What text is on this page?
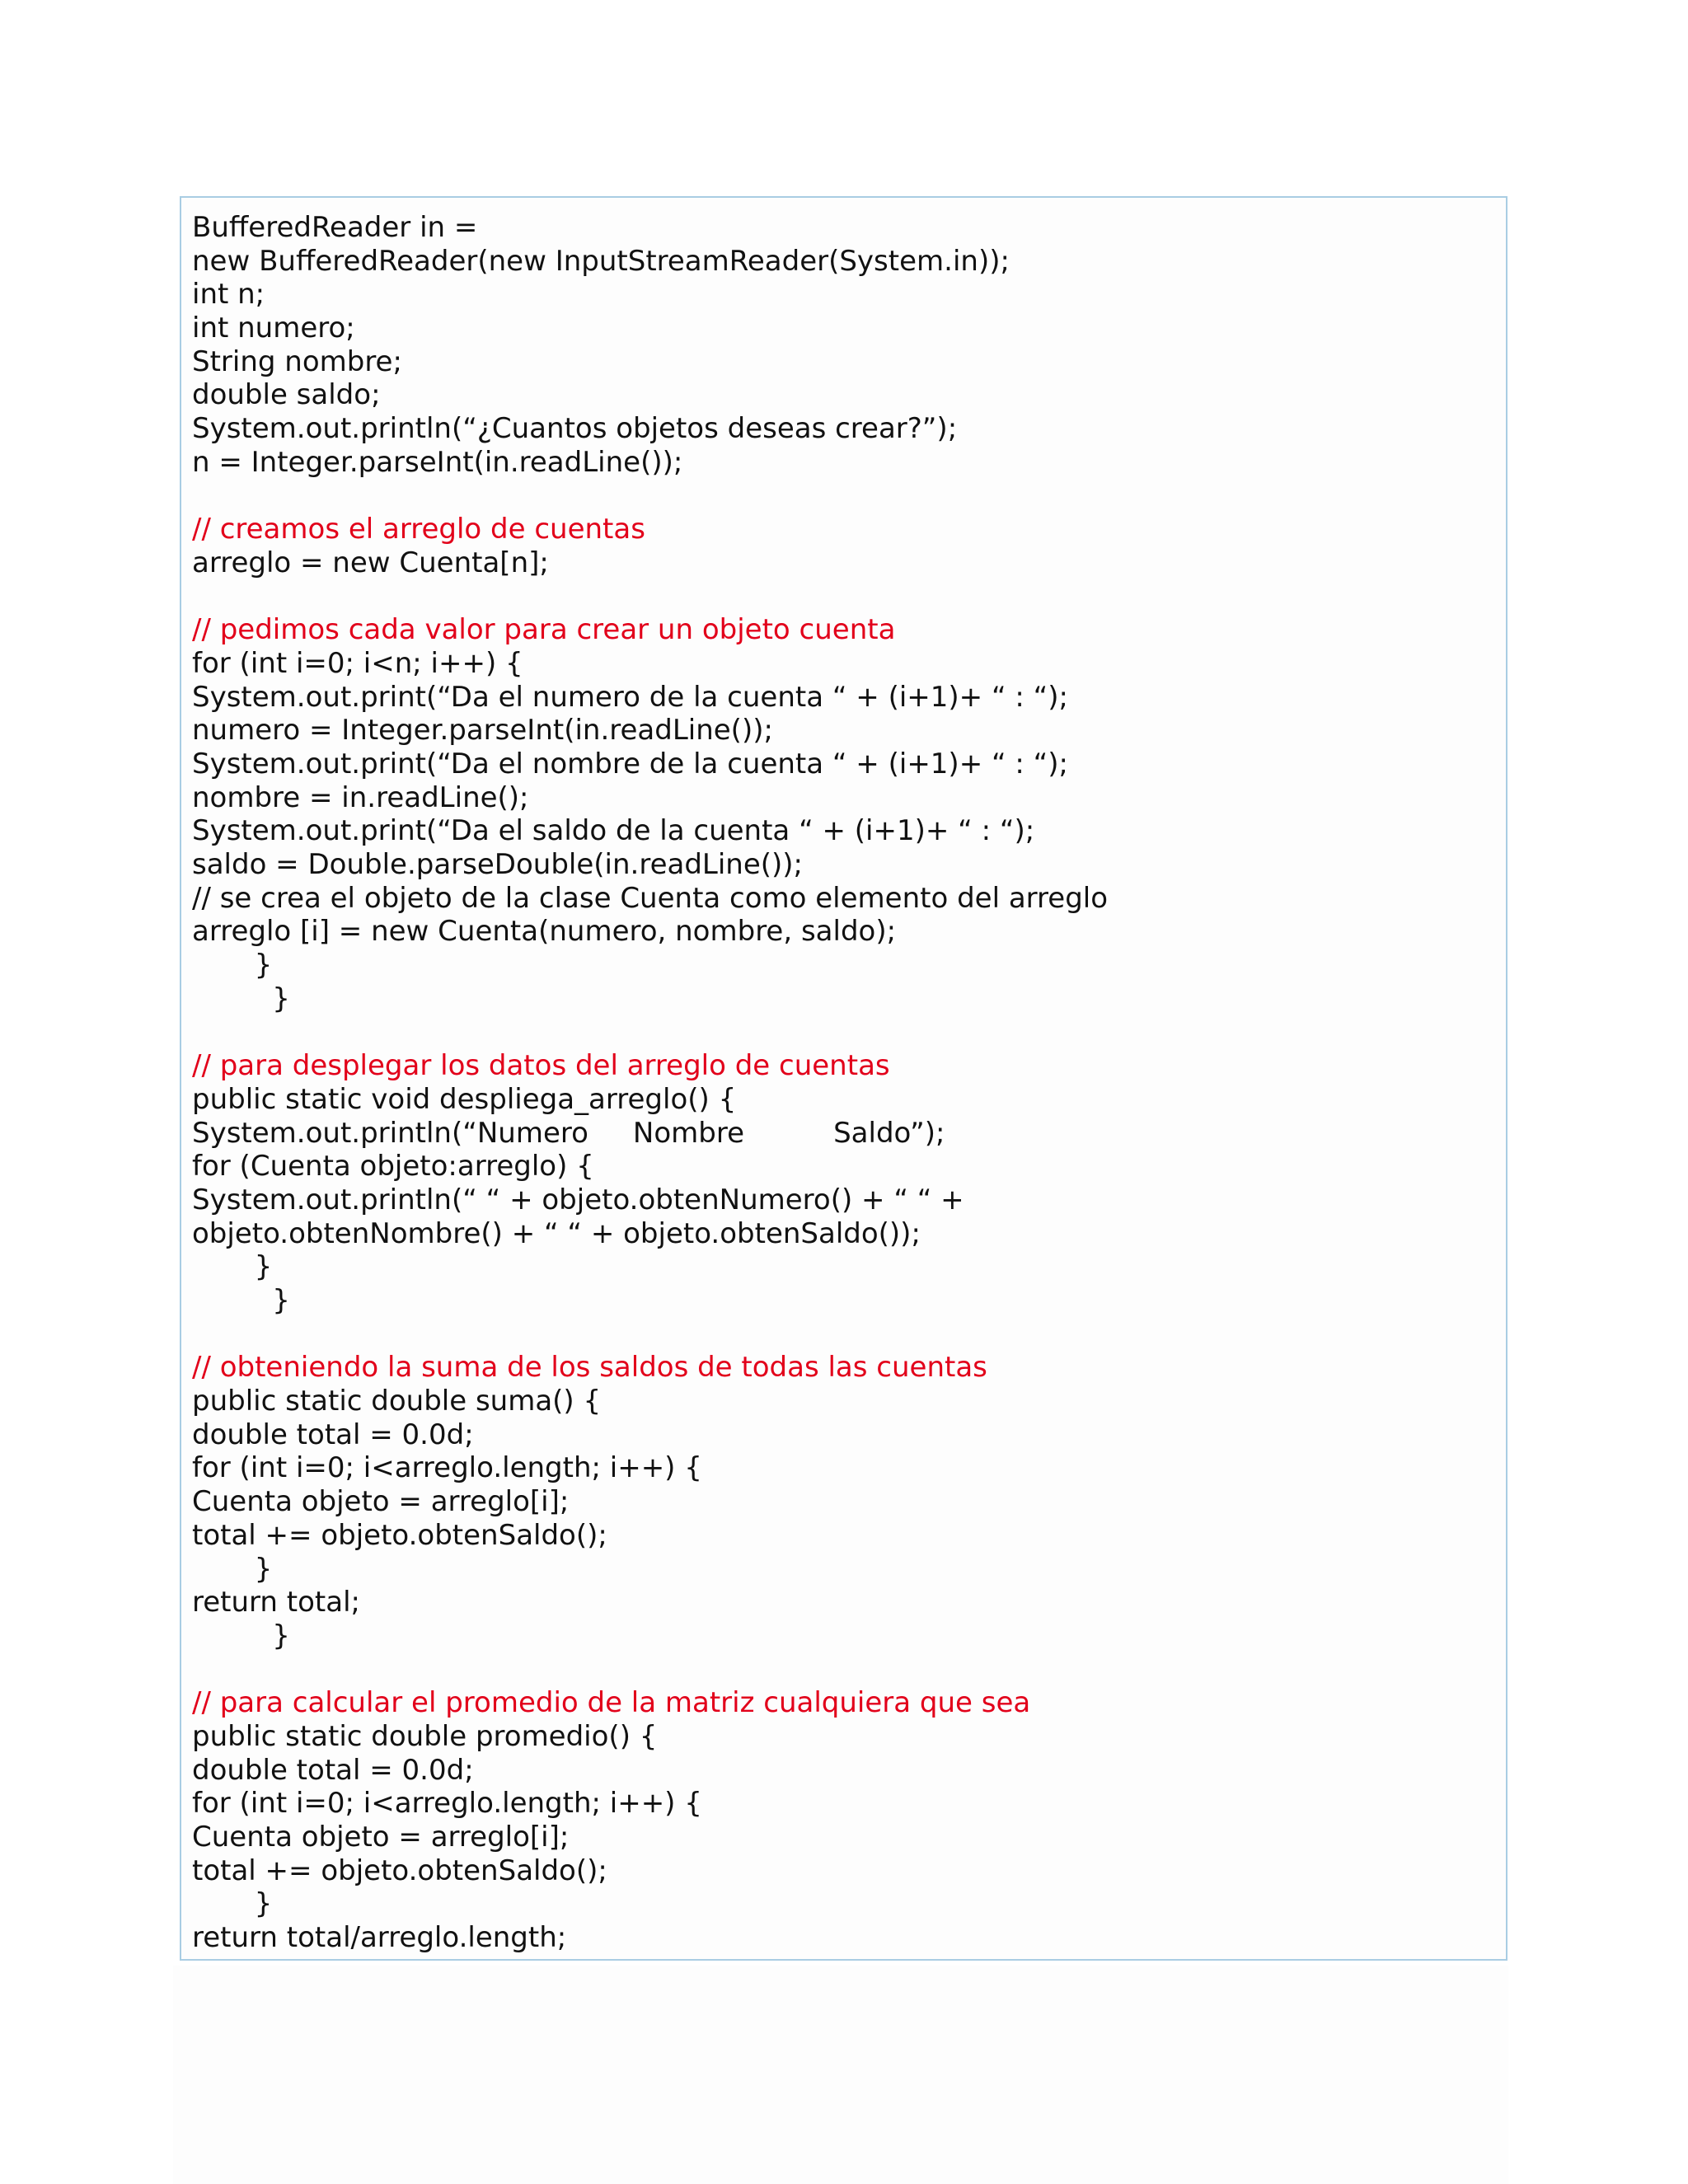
BufferedReader in =
new BufferedReader(new InputStreamReader(System.in));
int n;
int numero;
String nombre;
double saldo;
System.out.println(“¿Cuantos objetos deseas crear?”);
n = Integer.parseInt(in.readLine());
// creamos el arreglo de cuentas
arreglo = new Cuenta[n];
// pedimos cada valor para crear un objeto cuenta
for (int i=0; i<n; i++) {
System.out.print(“Da el numero de la cuenta “ + (i+1)+ “ : “);
numero = Integer.parseInt(in.readLine());
System.out.print(“Da el nombre de la cuenta “ + (i+1)+ “ : “);
nombre = in.readLine();
System.out.print(“Da el saldo de la cuenta “ + (i+1)+ “ : “);
saldo = Double.parseDouble(in.readLine());
// se crea el objeto de la clase Cuenta como elemento del arreglo
arreglo [i] = new Cuenta(numero, nombre, saldo);
}
}
// para desplegar los datos del arreglo de cuentas
public static void despliega_arreglo() {
System.out.println(“Numero     Nombre          Saldo”);
for (Cuenta objeto:arreglo) {
System.out.println(“ “ + objeto.obtenNumero() + “ “ +
objeto.obtenNombre() + “ “ + objeto.obtenSaldo());
}
}
// obteniendo la suma de los saldos de todas las cuentas
public static double suma() {
double total = 0.0d;
for (int i=0; i<arreglo.length; i++) {
Cuenta objeto = arreglo[i];
total += objeto.obtenSaldo();
}
return total;
}
// para calcular el promedio de la matriz cualquiera que sea
public static double promedio() {
double total = 0.0d;
for (int i=0; i<arreglo.length; i++) {
Cuenta objeto = arreglo[i];
total += objeto.obtenSaldo();
}
return total/arreglo.length;
